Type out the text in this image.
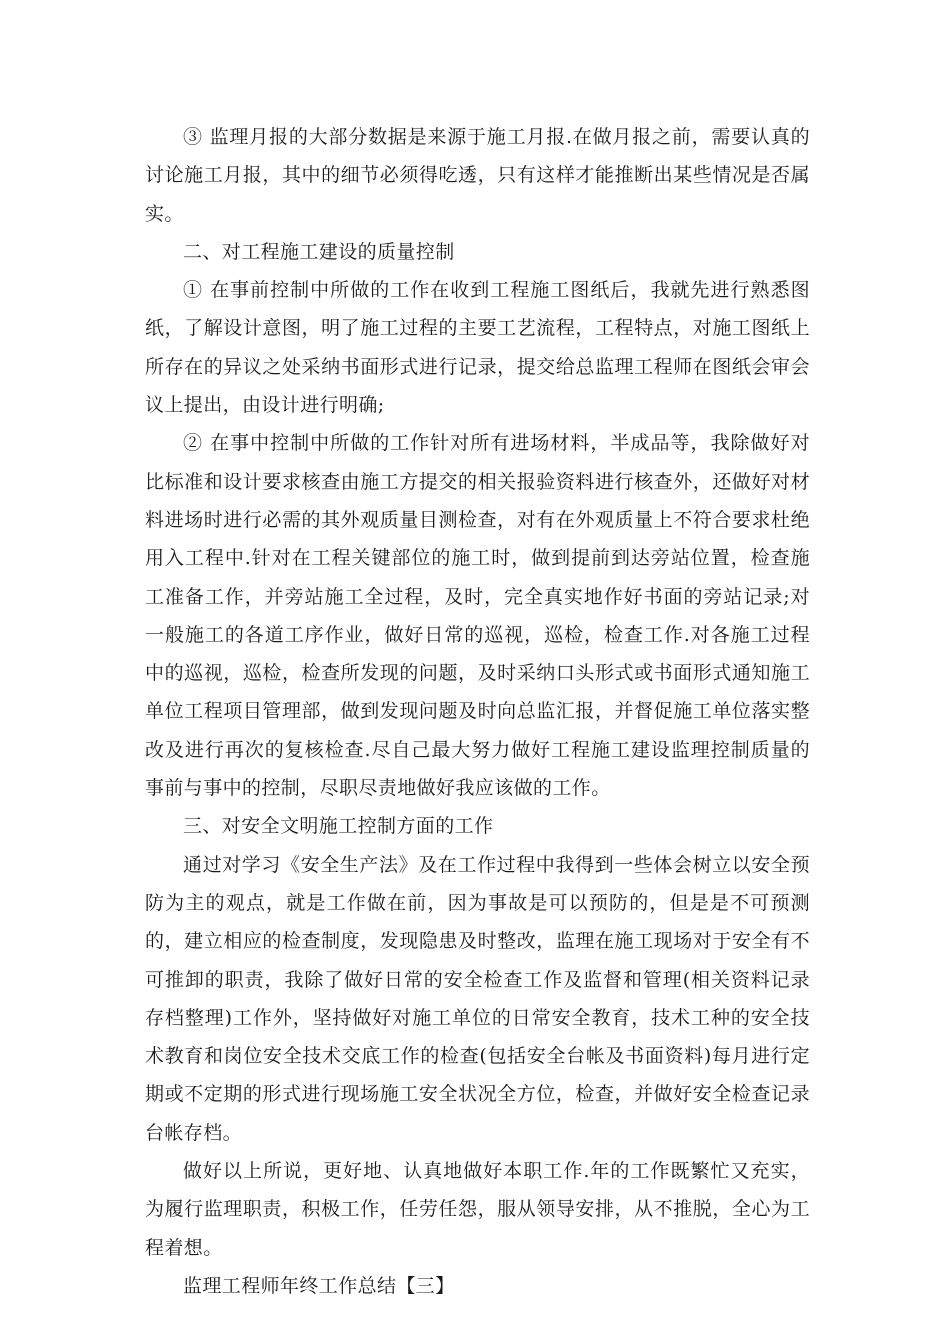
③ 监理月报的大部分数据是来源于施工月报.在做月报之前，需要认真的讨论施工月报，其中的细节必须得吃透，只有这样才能推断出某些情况是否属实。

二、对工程施工建设的质量控制

① 在事前控制中所做的工作在收到工程施工图纸后，我就先进行熟悉图纸，了解设计意图，明了施工过程的主要工艺流程，工程特点，对施工图纸上所存在的异议之处采纳书面形式进行记录，提交给总监理工程师在图纸会审会议上提出，由设计进行明确;

② 在事中控制中所做的工作针对所有进场材料，半成品等，我除做好对比标准和设计要求核查由施工方提交的相关报验资料进行核查外，还做好对材料进场时进行必需的其外观质量目测检查，对有在外观质量上不符合要求杜绝用入工程中.针对在工程关键部位的施工时，做到提前到达旁站位置，检查施工准备工作，并旁站施工全过程，及时，完全真实地作好书面的旁站记录;对一般施工的各道工序作业，做好日常的巡视，巡检，检查工作.对各施工过程中的巡视，巡检，检查所发现的问题，及时采纳口头形式或书面形式通知施工单位工程项目管理部，做到发现问题及时向总监汇报，并督促施工单位落实整改及进行再次的复核检查.尽自己最大努力做好工程施工建设监理控制质量的事前与事中的控制，尽职尽责地做好我应该做的工作。

三、对安全文明施工控制方面的工作

通过对学习《安全生产法》及在工作过程中我得到一些体会树立以安全预防为主的观点，就是工作做在前，因为事故是可以预防的，但是是不可预测的，建立相应的检查制度，发现隐患及时整改，监理在施工现场对于安全有不可推卸的职责，我除了做好日常的安全检查工作及监督和管理(相关资料记录存档整理)工作外，坚持做好对施工单位的日常安全教育，技术工种的安全技术教育和岗位安全技术交底工作的检查(包括安全台帐及书面资料)每月进行定期或不定期的形式进行现场施工安全状况全方位，检查，并做好安全检查记录台帐存档。

做好以上所说，更好地、认真地做好本职工作.年的工作既繁忙又充实，为履行监理职责，积极工作，任劳任怨，服从领导安排，从不推脱，全心为工程着想。

监理工程师年终工作总结【三】
